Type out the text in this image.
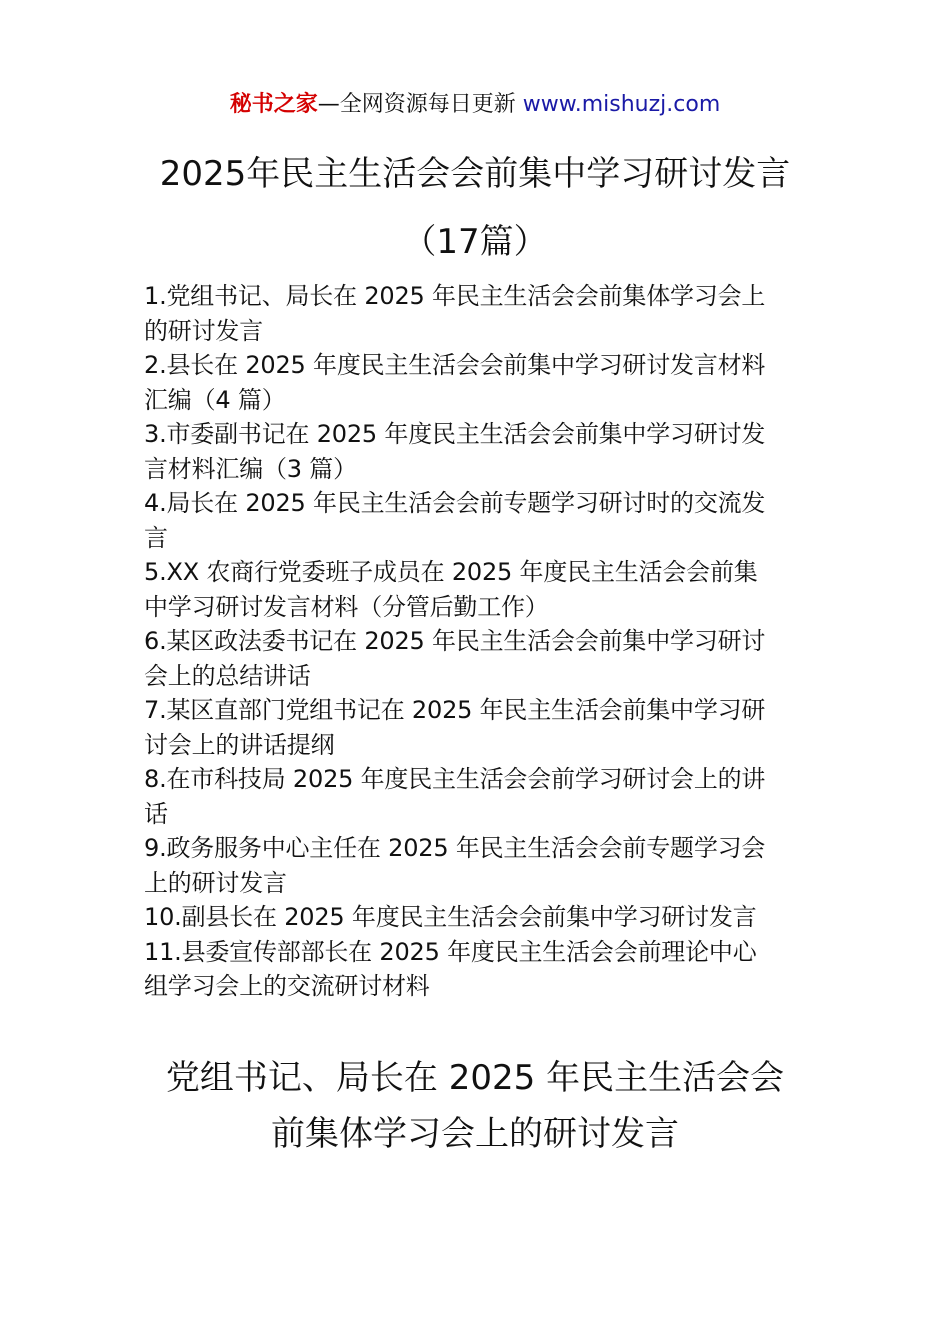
秘书之家—全网资源每日更新 www.mishuzj.com
2025年民主生活会会前集中学习研讨发言
（17篇）
1.党组书记、局长在 2025 年民主生活会会前集体学习会上
的研讨发言
2.县长在 2025 年度民主生活会会前集中学习研讨发言材料
汇编（4 篇）
3.市委副书记在 2025 年度民主生活会会前集中学习研讨发
言材料汇编（3 篇）
4.局长在 2025 年民主生活会会前专题学习研讨时的交流发
言
5.XX 农商行党委班子成员在 2025 年度民主生活会会前集
中学习研讨发言材料（分管后勤工作）
6.某区政法委书记在 2025 年民主生活会会前集中学习研讨
会上的总结讲话
7.某区直部门党组书记在 2025 年民主生活会前集中学习研
讨会上的讲话提纲
8.在市科技局 2025 年度民主生活会会前学习研讨会上的讲
话
9.政务服务中心主任在 2025 年民主生活会会前专题学习会
上的研讨发言
10.副县长在 2025 年度民主生活会会前集中学习研讨发言
11.县委宣传部部长在 2025 年度民主生活会会前理论中心
组学习会上的交流研讨材料
党组书记、局长在 2025 年民主生活会会
前集体学习会上的研讨发言
